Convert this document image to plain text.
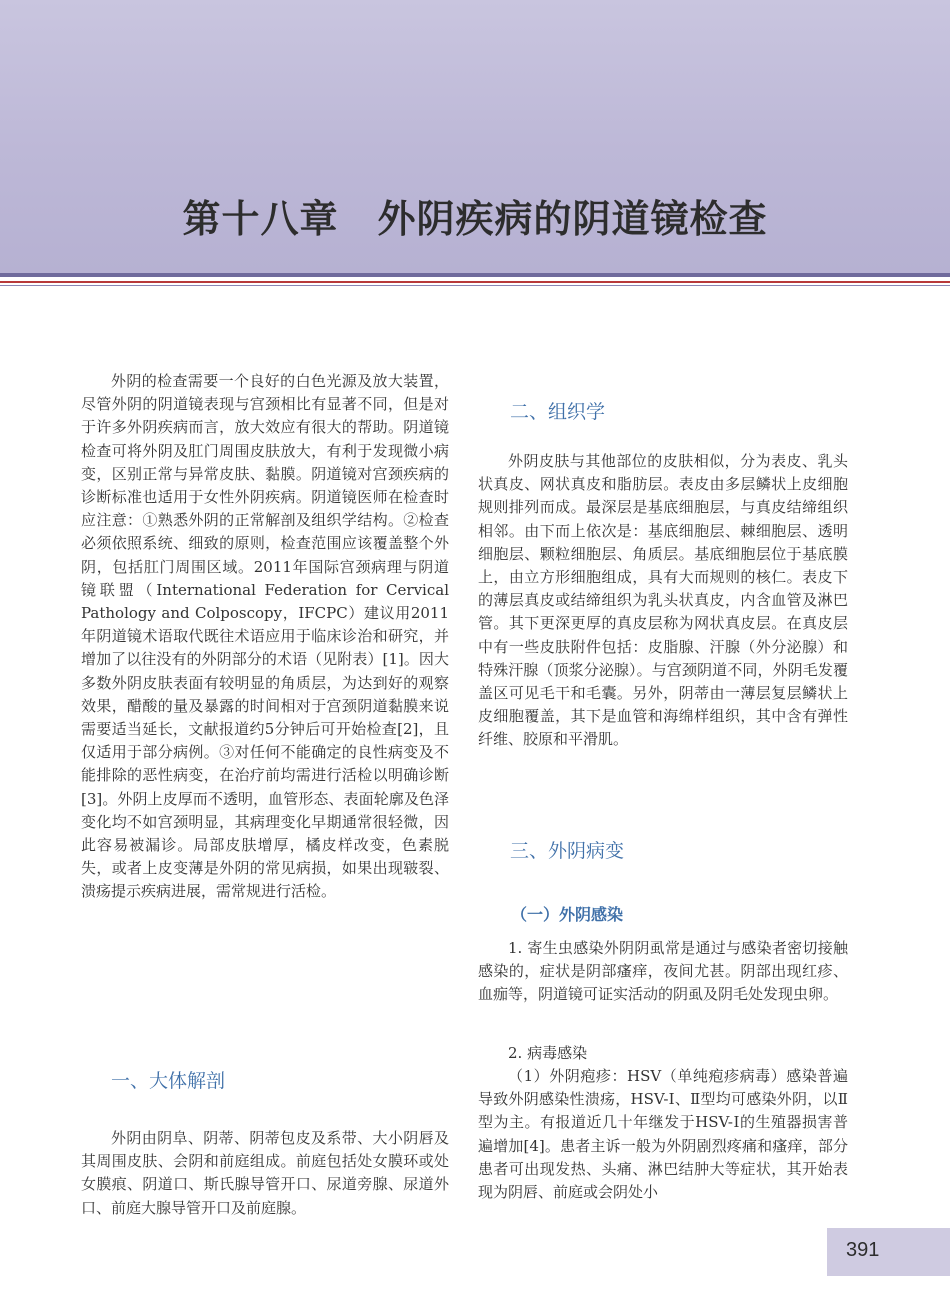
第十八章　外阴疾病的阴道镜检查

外阴的检查需要一个良好的白色光源及放大装置，尽管外阴的阴道镜表现与宫颈相比有显著不同，但是对于许多外阴疾病而言，放大效应有很大的帮助。阴道镜检查可将外阴及肛门周围皮肤放大，有利于发现微小病变，区别正常与异常皮肤、黏膜。阴道镜对宫颈疾病的诊断标准也适用于女性外阴疾病。阴道镜医师在检查时应注意：①熟悉外阴的正常解剖及组织学结构。②检查必须依照系统、细致的原则，检查范围应该覆盖整个外阴，包括肛门周围区域。2011年国际宫颈病理与阴道镜联盟（International Federation for Cervical Pathology and Colposcopy，IFCPC）建议用2011年阴道镜术语取代既往术语应用于临床诊治和研究，并增加了以往没有的外阴部分的术语（见附表）[1]。因大多数外阴皮肤表面有较明显的角质层，为达到好的观察效果，醋酸的量及暴露的时间相对于宫颈阴道黏膜来说需要适当延长，文献报道约5分钟后可开始检查[2]，且仅适用于部分病例。③对任何不能确定的良性病变及不能排除的恶性病变，在治疗前均需进行活检以明确诊断[3]。外阴上皮厚而不透明，血管形态、表面轮廓及色泽变化均不如宫颈明显，其病理变化早期通常很轻微，因此容易被漏诊。局部皮肤增厚，橘皮样改变，色素脱失，或者上皮变薄是外阴的常见病损，如果出现皲裂、溃疡提示疾病进展，需常规进行活检。

一、大体解剖

外阴由阴阜、阴蒂、阴蒂包皮及系带、大小阴唇及其周围皮肤、会阴和前庭组成。前庭包括处女膜环或处女膜痕、阴道口、斯氏腺导管开口、尿道旁腺、尿道外口、前庭大腺导管开口及前庭腺。

二、组织学

外阴皮肤与其他部位的皮肤相似，分为表皮、乳头状真皮、网状真皮和脂肪层。表皮由多层鳞状上皮细胞规则排列而成。最深层是基底细胞层，与真皮结缔组织相邻。由下而上依次是：基底细胞层、棘细胞层、透明细胞层、颗粒细胞层、角质层。基底细胞层位于基底膜上，由立方形细胞组成，具有大而规则的核仁。表皮下的薄层真皮或结缔组织为乳头状真皮，内含血管及淋巴管。其下更深更厚的真皮层称为网状真皮层。在真皮层中有一些皮肤附件包括：皮脂腺、汗腺（外分泌腺）和特殊汗腺（顶浆分泌腺）。与宫颈阴道不同，外阴毛发覆盖区可见毛干和毛囊。另外，阴蒂由一薄层复层鳞状上皮细胞覆盖，其下是血管和海绵样组织，其中含有弹性纤维、胶原和平滑肌。

三、外阴病变
（一）外阴感染

1. 寄生虫感染外阴阴虱常是通过与感染者密切接触感染的，症状是阴部瘙痒，夜间尤甚。阴部出现红疹、血痂等，阴道镜可证实活动的阴虱及阴毛处发现虫卵。

2. 病毒感染

（1）外阴疱疹：HSV（单纯疱疹病毒）感染普遍导致外阴感染性溃疡，HSV-Ⅰ、Ⅱ型均可感染外阴，以Ⅱ型为主。有报道近几十年继发于HSV-Ⅰ的生殖器损害普遍增加[4]。患者主诉一般为外阴剧烈疼痛和瘙痒，部分患者可出现发热、头痛、淋巴结肿大等症状，其开始表现为阴唇、前庭或会阴处小

391
